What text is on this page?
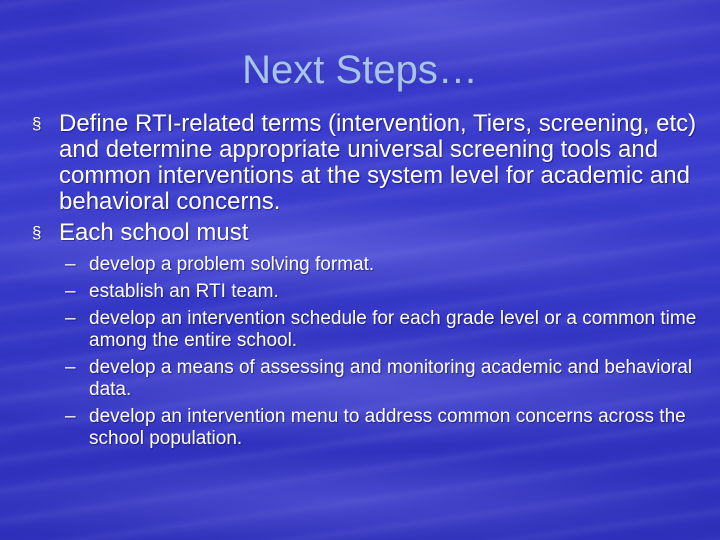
Next Steps…
§ Define RTI-related terms (intervention, Tiers, screening, etc) and determine appropriate universal screening tools and common interventions at the system level for academic and behavioral concerns.
§ Each school must
– develop a problem solving format.
– establish an RTI team.
– develop an intervention schedule for each grade level or a common time among the entire school.
– develop a means of assessing and monitoring academic and behavioral data.
– develop an intervention menu to address common concerns across the school population.
